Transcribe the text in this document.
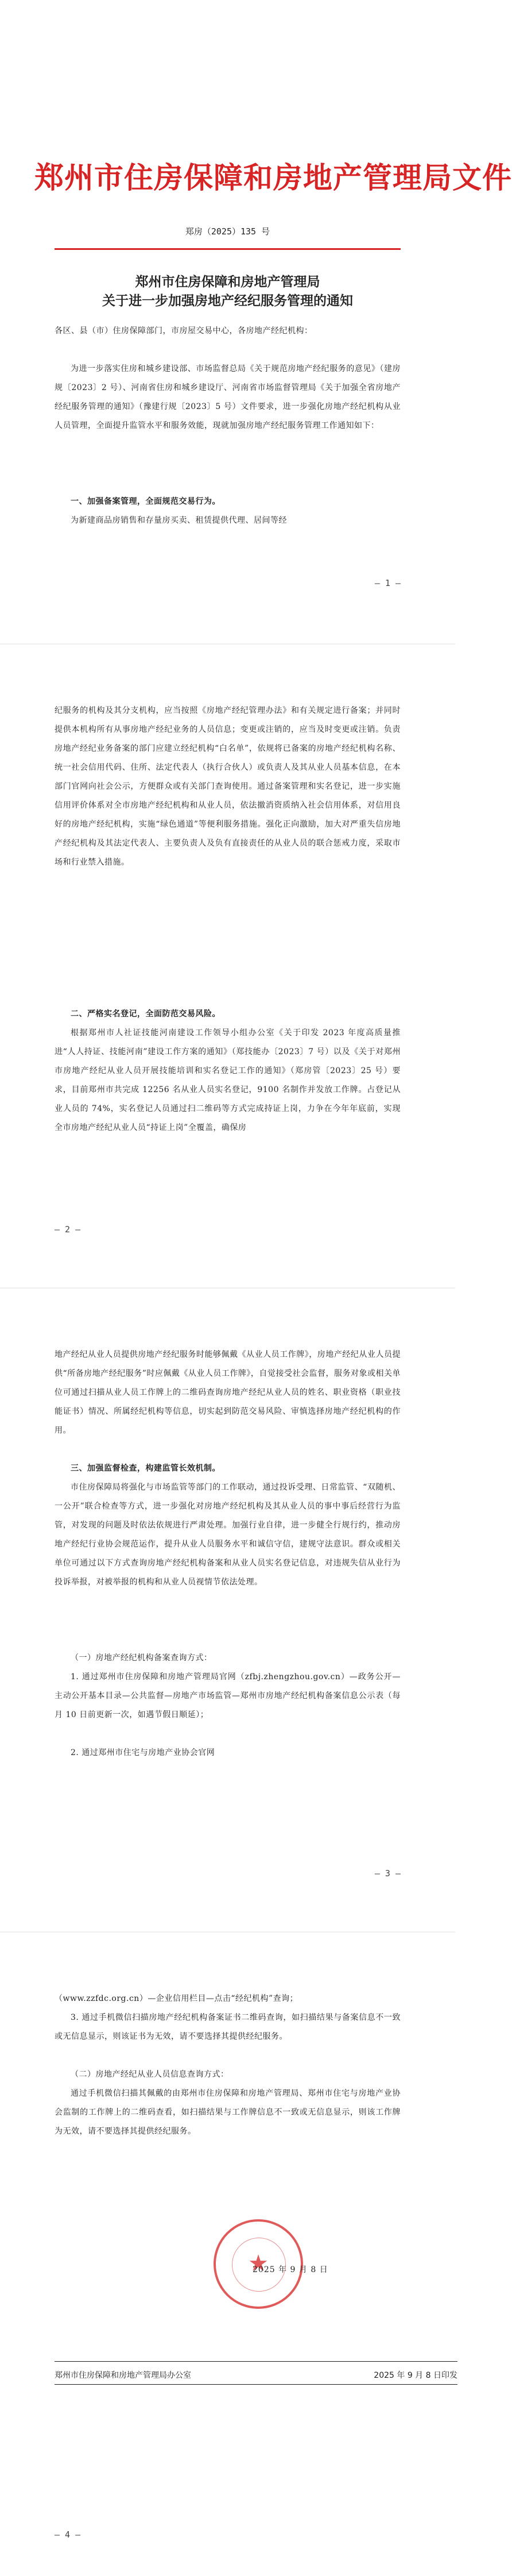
郑州市住房保障和房地产管理局文件
郑房（2025）135 号
郑州市住房保障和房地产管理局
关于进一步加强房地产经纪服务管理的通知

各区、县（市）住房保障部门，市房屋交易中心，各房地产经纪机构：

为进一步落实住房和城乡建设部、市场监督总局《关于规范房地产经纪服务的意见》（建房规〔2023〕2 号）、河南省住房和城乡建设厅、河南省市场监督管理局《关于加强全省房地产经纪服务管理的通知》（豫建行规〔2023〕5 号）文件要求，进一步强化房地产经纪机构从业人员管理，全面提升监管水平和服务效能，现就加强房地产经纪服务管理工作通知如下：

一、加强备案管理，全面规范交易行为。

为新建商品房销售和存量房买卖、租赁提供代理、居间等经

— 1 —

纪服务的机构及其分支机构，应当按照《房地产经纪管理办法》和有关规定进行备案；并同时提供本机构所有从事房地产经纪业务的人员信息；变更或注销的，应当及时变更或注销。负责房地产经纪业务备案的部门应建立经纪机构“白名单”，依规将已备案的房地产经纪机构名称、统一社会信用代码、住所、法定代表人（执行合伙人）或负责人及其从业人员基本信息，在本部门官网向社会公示，方便群众或有关部门查询使用。通过备案管理和实名登记，进一步实施信用评价体系对全市房地产经纪机构和从业人员，依法撤消资质纳入社会信用体系，对信用良好的房地产经纪机构，实施“绿色通道”等便利服务措施。强化正向激励，加大对严重失信房地产经纪机构及其法定代表人、主要负责人及负有直接责任的从业人员的联合惩戒力度，采取市场和行业禁入措施。

二、严格实名登记，全面防范交易风险。

根据郑州市人社证技能河南建设工作领导小组办公室《关于印发 2023 年度高质量推进“人人持证、技能河南”建设工作方案的通知》（郑技能办〔2023〕7 号）以及《关于对郑州市房地产经纪从业人员开展技能培训和实名登记工作的通知》（郑房管〔2023〕25 号）要求，目前郑州市共完成 12256 名从业人员实名登记，9100 名制作并发放工作牌。占登记从业人员的 74%，实名登记人员通过扫二维码等方式完成持证上岗，力争在今年年底前，实现全市房地产经纪从业人员“持证上岗”全覆盖，确保房

— 2 —

地产经纪从业人员提供房地产经纪服务时能够佩戴《从业人员工作牌》，房地产经纪从业人员提供“所备房地产经纪服务”时应佩戴《从业人员工作牌》，自觉接受社会监督，服务对象或相关单位可通过扫描从业人员工作牌上的二维码查询房地产经纪从业人员的姓名、职业资格（职业技能证书）情况、所属经纪机构等信息，切实起到防范交易风险、审慎选择房地产经纪机构的作用。

三、加强监督检查，构建监管长效机制。

市住房保障局将强化与市场监管等部门的工作联动，通过投诉受理、日常监管、“双随机、一公开”联合检查等方式，进一步强化对房地产经纪机构及其从业人员的事中事后经营行为监管，对发现的问题及时依法依规进行严肃处理。加强行业自律，进一步健全行规行约，推动房地产经纪行业协会规范运作，提升从业人员服务水平和诚信守信，建规守法意识。群众或相关单位可通过以下方式查询房地产经纪机构备案和从业人员实名登记信息，对违规失信从业行为投诉举报，对被举报的机构和从业人员视情节依法处理。

（一）房地产经纪机构备案查询方式：

1. 通过郑州市住房保障和房地产管理局官网（zfbj.zhengzhou.gov.cn）—政务公开—主动公开基本目录—公共监督—房地产市场监管—郑州市房地产经纪机构备案信息公示表（每月 10 日前更新一次，如遇节假日顺延）；

2. 通过郑州市住宅与房地产业协会官网

— 3 —

（www.zzfdc.org.cn）—企业信用栏目—点击“经纪机构”查询；

3. 通过手机微信扫描房地产经纪机构备案证书二维码查询，如扫描结果与备案信息不一致或无信息显示，则该证书为无效，请不要选择其提供经纪服务。

（二）房地产经纪从业人员信息查询方式：

通过手机微信扫描其佩戴的由郑州市住房保障和房地产管理局、郑州市住宅与房地产业协会监制的工作牌上的二维码查看，如扫描结果与工作牌信息不一致或无信息显示，则该工作牌为无效，请不要选择其提供经纪服务。

— 4 —
★
2025 年 9 月 8 日
郑州市住房保障和房地产管理局办公室	2025 年 9 月 8 日印发
